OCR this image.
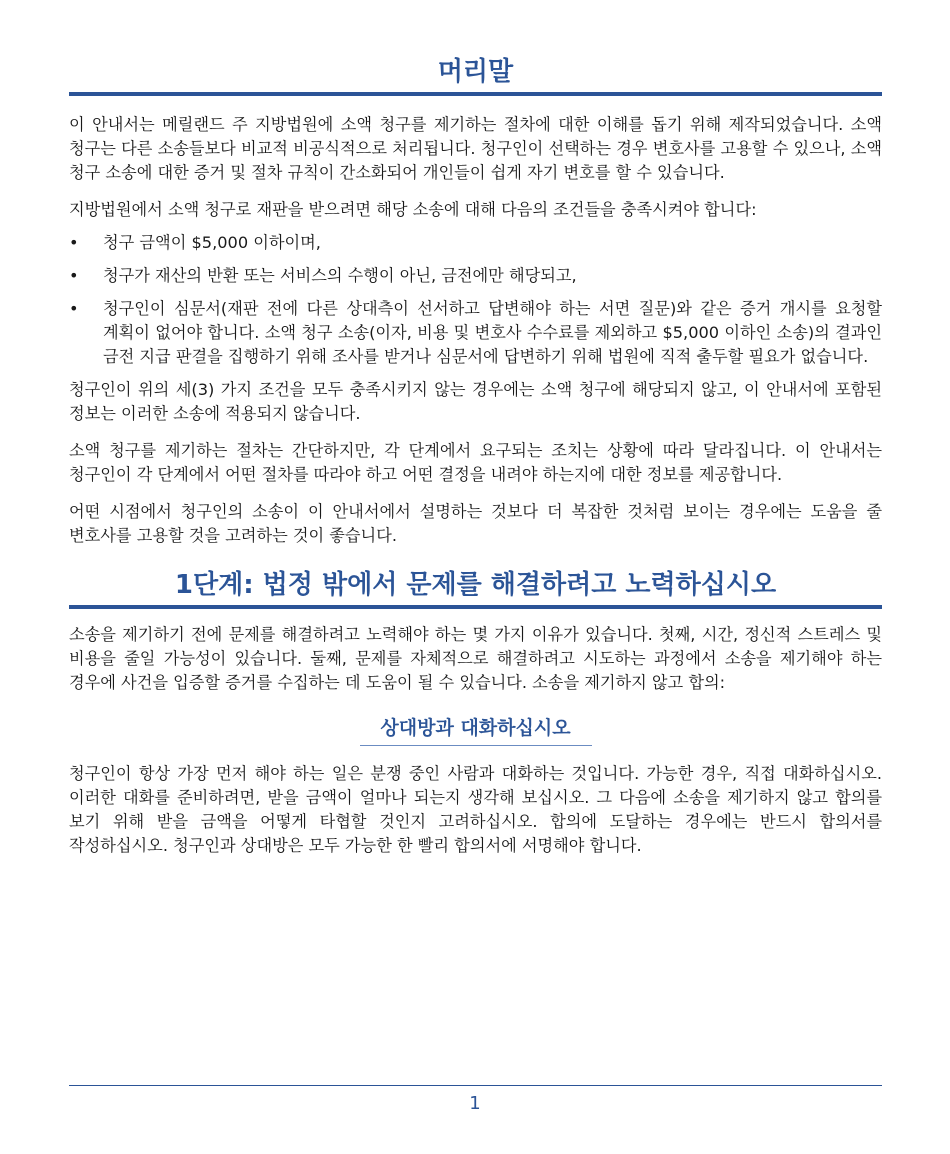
머리말

이 안내서는 메릴랜드 주 지방법원에 소액 청구를 제기하는 절차에 대한 이해를 돕기 위해 제작되었습니다. 소액 청구는 다른 소송들보다 비교적 비공식적으로 처리됩니다. 청구인이 선택하는 경우 변호사를 고용할 수 있으나, 소액 청구 소송에 대한 증거 및 절차 규칙이 간소화되어 개인들이 쉽게 자기 변호를 할 수 있습니다.

지방법원에서 소액 청구로 재판을 받으려면 해당 소송에 대해 다음의 조건들을 충족시켜야 합니다:

• 청구 금액이 $5,000 이하이며,
• 청구가 재산의 반환 또는 서비스의 수행이 아닌, 금전에만 해당되고,
• 청구인이 심문서(재판 전에 다른 상대측이 선서하고 답변해야 하는 서면 질문)와 같은 증거 개시를 요청할 계획이 없어야 합니다. 소액 청구 소송(이자, 비용 및 변호사 수수료를 제외하고 $5,000 이하인 소송)의 결과인 금전 지급 판결을 집행하기 위해 조사를 받거나 심문서에 답변하기 위해 법원에 직적 출두할 필요가 없습니다.

청구인이 위의 세(3) 가지 조건을 모두 충족시키지 않는 경우에는 소액 청구에 해당되지 않고, 이 안내서에 포함된 정보는 이러한 소송에 적용되지 않습니다.

소액 청구를 제기하는 절차는 간단하지만, 각 단계에서 요구되는 조치는 상황에 따라 달라집니다. 이 안내서는 청구인이 각 단계에서 어떤 절차를 따라야 하고 어떤 결정을 내려야 하는지에 대한 정보를 제공합니다.

어떤 시점에서 청구인의 소송이 이 안내서에서 설명하는 것보다 더 복잡한 것처럼 보이는 경우에는 도움을 줄 변호사를 고용할 것을 고려하는 것이 좋습니다.

1단계: 법정 밖에서 문제를 해결하려고 노력하십시오

소송을 제기하기 전에 문제를 해결하려고 노력해야 하는 몇 가지 이유가 있습니다. 첫째, 시간, 정신적 스트레스 및 비용을 줄일 가능성이 있습니다. 둘째, 문제를 자체적으로 해결하려고 시도하는 과정에서 소송을 제기해야 하는 경우에 사건을 입증할 증거를 수집하는 데 도움이 될 수 있습니다. 소송을 제기하지 않고 합의:

상대방과 대화하십시오

청구인이 항상 가장 먼저 해야 하는 일은 분쟁 중인 사람과 대화하는 것입니다. 가능한 경우, 직접 대화하십시오. 이러한 대화를 준비하려면, 받을 금액이 얼마나 되는지 생각해 보십시오. 그 다음에 소송을 제기하지 않고 합의를 보기 위해 받을 금액을 어떻게 타협할 것인지 고려하십시오. 합의에 도달하는 경우에는 반드시 합의서를 작성하십시오. 청구인과 상대방은 모두 가능한 한 빨리 합의서에 서명해야 합니다.

1
